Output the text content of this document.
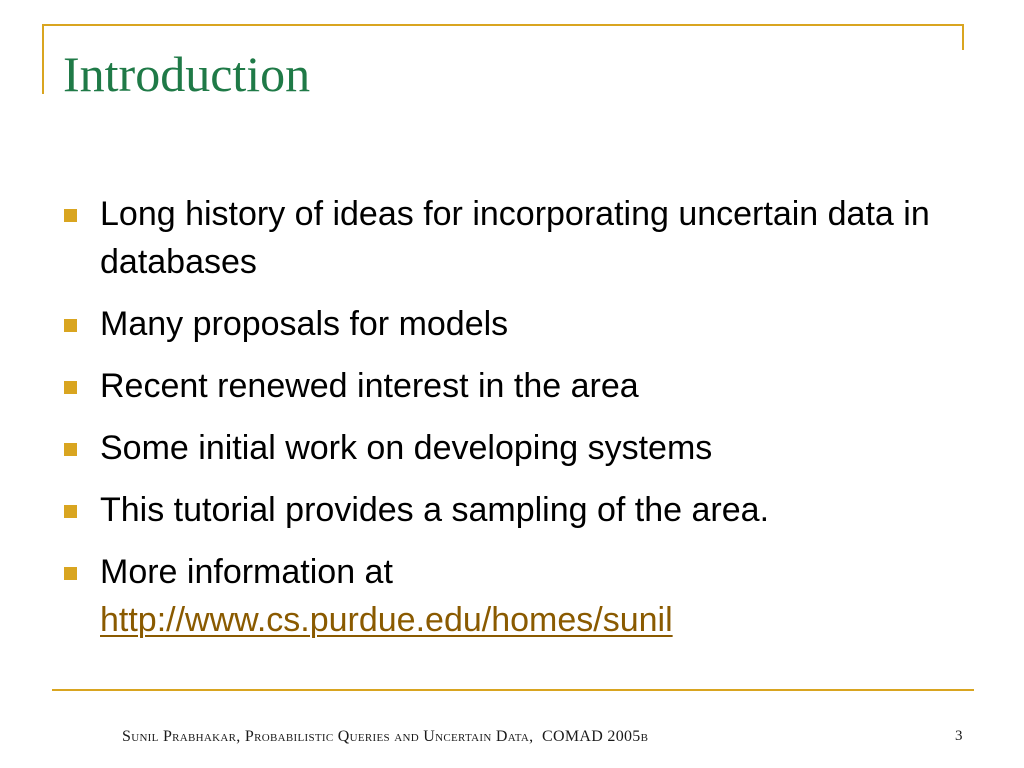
Introduction
Long history of ideas for incorporating uncertain data in databases
Many proposals for models
Recent renewed interest in the area
Some initial work on developing systems
This tutorial provides a sampling of the area.
More information at
http://www.cs.purdue.edu/homes/sunil
Sunil Prabhakar, Probabilistic Queries and Uncertain Data,  COMAD 2005b	3
